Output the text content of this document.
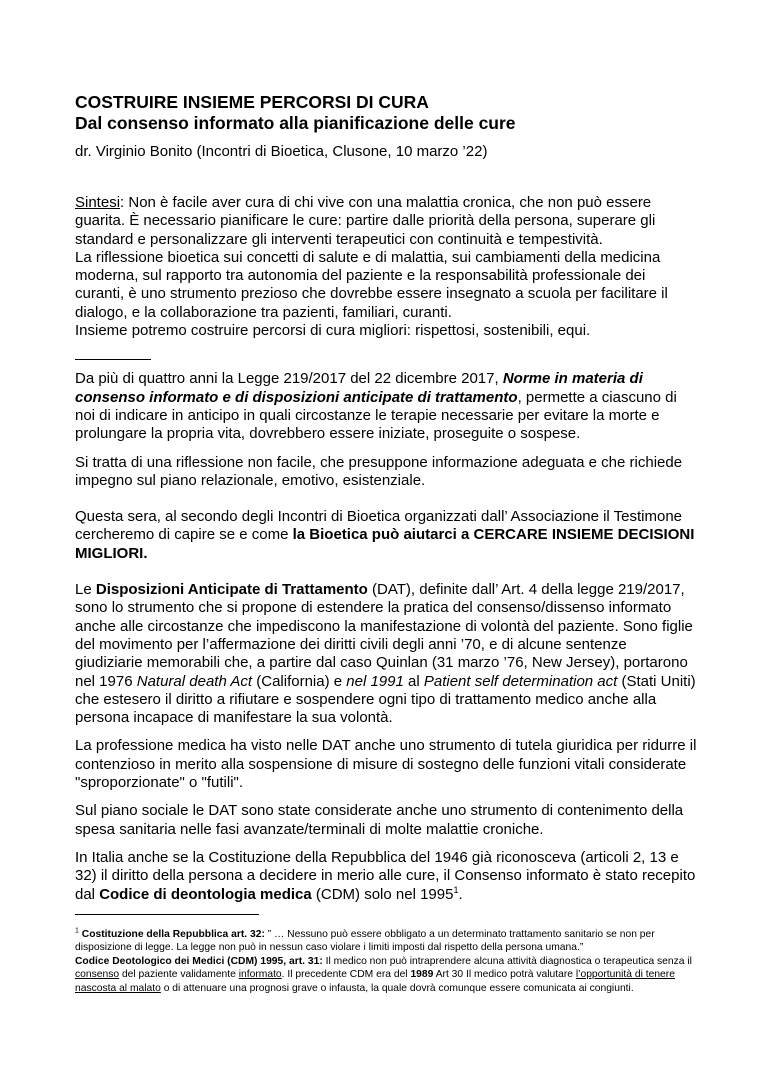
COSTRUIRE INSIEME PERCORSI DI CURA
Dal consenso informato alla pianificazione delle cure

dr. Virginio Bonito (Incontri di Bioetica, Clusone, 10 marzo ’22)

Sintesi: Non è facile aver cura di chi vive con una malattia cronica, che non può essere guarita. È necessario pianificare le cure: partire dalle priorità della persona, superare gli standard e personalizzare gli interventi terapeutici con continuità e tempestività.

La riflessione bioetica sui concetti di salute e di malattia, sui cambiamenti della medicina moderna, sul rapporto tra autonomia del paziente e la responsabilità professionale dei curanti, è uno strumento prezioso che dovrebbe essere insegnato a scuola per facilitare il dialogo, e la collaborazione tra pazienti, familiari, curanti.

Insieme potremo costruire percorsi di cura migliori: rispettosi, sostenibili, equi.

Da più di quattro anni la Legge 219/2017 del 22 dicembre 2017, Norme in materia di consenso informato e di disposizioni anticipate di trattamento, permette a ciascuno di noi di indicare in anticipo in quali circostanze le terapie necessarie per evitare la morte e prolungare la propria vita, dovrebbero essere iniziate, proseguite o sospese.

Si tratta di una riflessione non facile, che presuppone informazione adeguata e che richiede impegno sul piano relazionale, emotivo, esistenziale.

Questa sera, al secondo degli Incontri di Bioetica organizzati dall’ Associazione il Testimone cercheremo di capire se e come la Bioetica può aiutarci a CERCARE INSIEME DECISIONI MIGLIORI.

Le Disposizioni Anticipate di Trattamento (DAT), definite dall’ Art. 4 della legge 219/2017, sono lo strumento che si propone di estendere la pratica del consenso/dissenso informato anche alle circostanze che impediscono la manifestazione di volontà del paziente. Sono figlie del movimento per l’affermazione dei diritti civili degli anni ’70, e di alcune sentenze giudiziarie memorabili che, a partire dal caso Quinlan (31 marzo ’76, New Jersey), portarono nel 1976 Natural death Act (California) e nel 1991 al Patient self determination act (Stati Uniti) che estesero il diritto a rifiutare e sospendere ogni tipo di trattamento medico anche alla persona incapace di manifestare la sua volontà.

La professione medica ha visto nelle DAT anche uno strumento di tutela giuridica per ridurre il contenzioso in merito alla sospensione di misure di sostegno delle funzioni vitali considerate "sproporzionate" o "futili".

Sul piano sociale le DAT sono state considerate anche uno strumento di contenimento della spesa sanitaria nelle fasi avanzate/terminali di molte malattie croniche.

In Italia anche se la Costituzione della Repubblica del 1946 già riconosceva (articoli 2, 13 e 32) il diritto della persona a decidere in merio alle cure, il Consenso informato è stato recepito dal Codice di deontologia medica (CDM) solo nel 1995$^1$.

$^1$ Costituzione della Repubblica art. 32: ” … Nessuno può essere obbligato a un determinato trattamento sanitario se non per disposizione di legge. La legge non può in nessun caso violare i limiti imposti dal rispetto della persona umana.”

Codice Deotologico dei Medici (CDM) 1995, art. 31: Il medico non può intraprendere alcuna attività diagnostica o terapeutica senza il consenso del paziente validamente informato. Il precedente CDM era del 1989 Art 30 Il medico potrà valutare l’opportunità di tenere nascosta al malato o di attenuare una prognosi grave o infausta, la quale dovrà comunque essere comunicata ai congiunti.
